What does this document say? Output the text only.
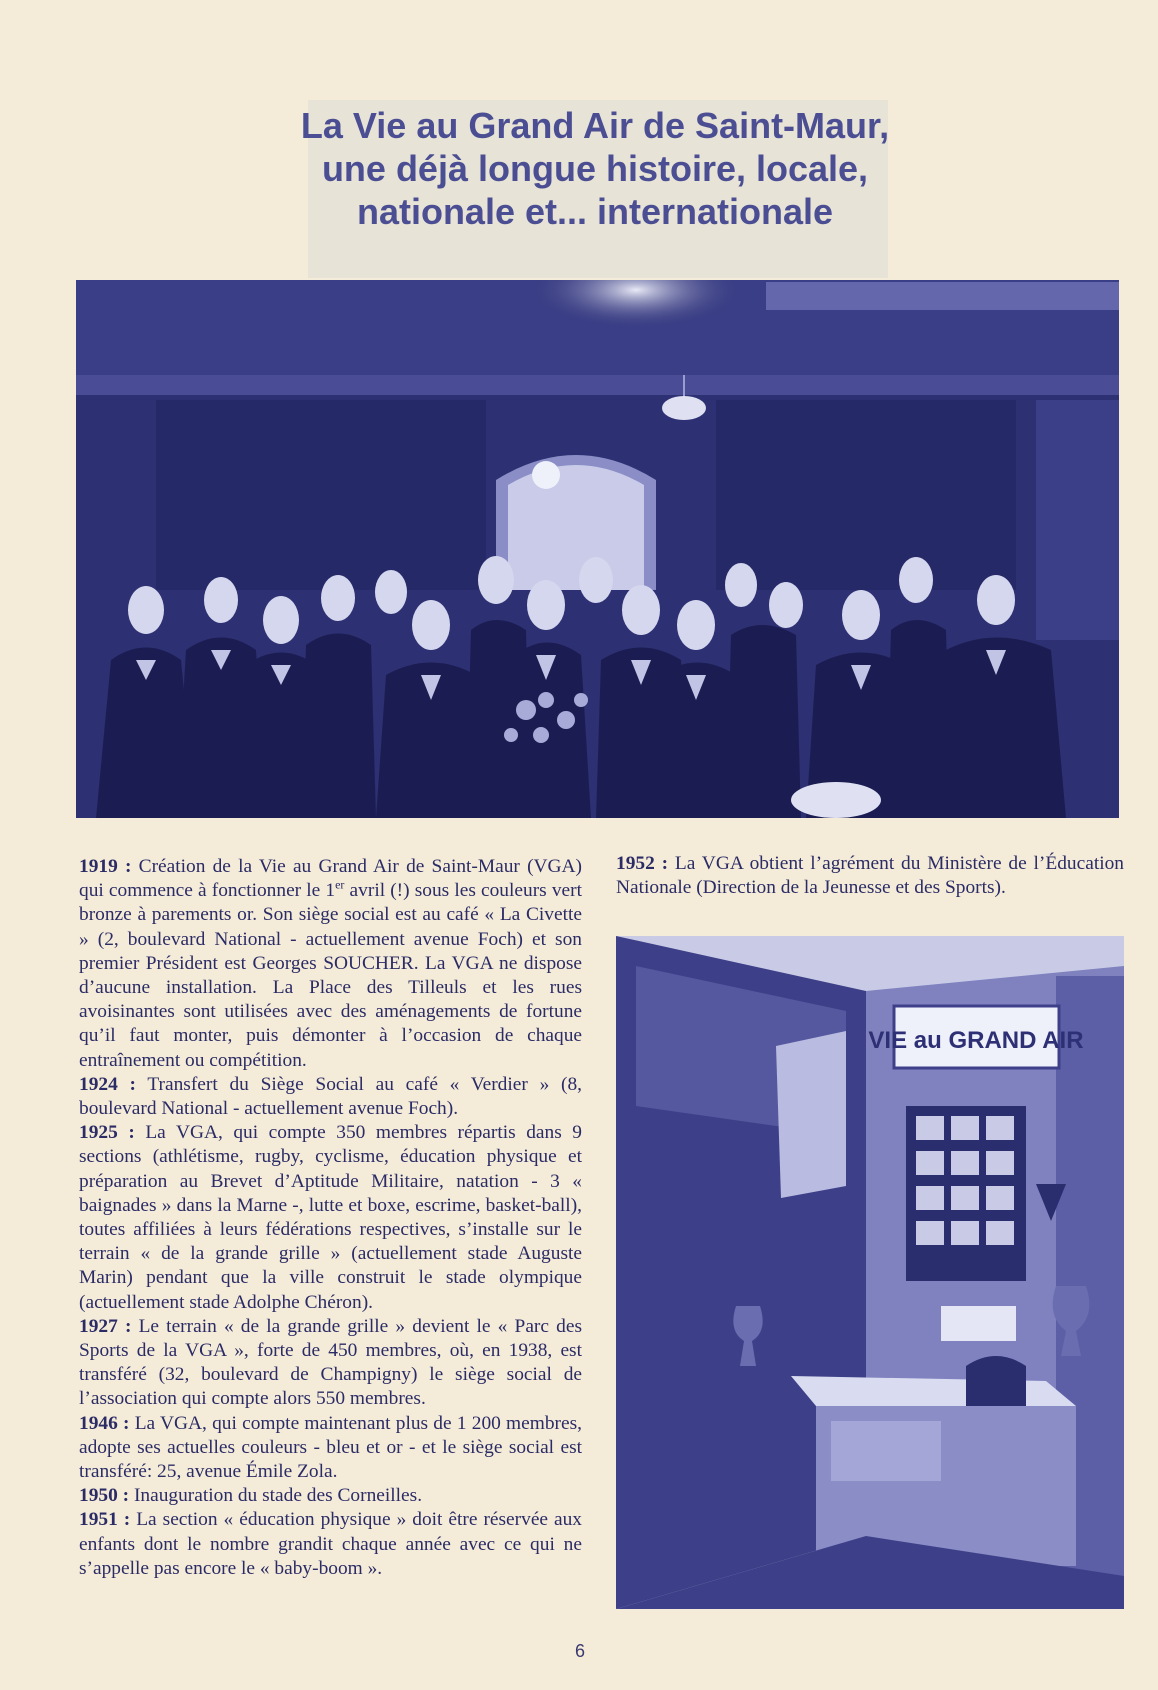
La Vie au Grand Air de Saint-Maur,
une déjà longue histoire, locale,
nationale et... internationale

1919 : Création de la Vie au Grand Air de Saint-Maur (VGA) qui commence à fonctionner le 1er avril (!) sous les couleurs vert bronze à parements or. Son siège social est au café « La Civette » (2, boulevard National - actuellement avenue Foch) et son premier Président est Georges SOUCHER. La VGA ne dispose d’aucune installation. La Place des Tilleuls et les rues avoisinantes sont utilisées avec des aménagements de fortune qu’il faut monter, puis démonter à l’occasion de chaque entraînement ou compétition.

1924 : Transfert du Siège Social au café « Verdier » (8, boulevard National - actuellement avenue Foch).

1925 : La VGA, qui compte 350 membres répartis dans 9 sections (athlétisme, rugby, cyclisme, éducation physique et préparation au Brevet d’Aptitude Militaire, natation - 3 « baignades » dans la Marne -, lutte et boxe, escrime, basket-ball), toutes affiliées à leurs fédérations respectives, s’installe sur le terrain « de la grande grille » (actuellement stade Auguste Marin) pendant que la ville construit le stade olympique (actuellement stade Adolphe Chéron).

1927 : Le terrain « de la grande grille » devient le « Parc des Sports de la VGA », forte de 450 membres, où, en 1938, est transféré (32, boulevard de Champigny) le siège social de l’association qui compte alors 550 membres.

1946 : La VGA, qui compte maintenant plus de 1 200 membres, adopte ses actuelles couleurs - bleu et or - et le siège social est transféré: 25, avenue Émile Zola.

1950 : Inauguration du stade des Corneilles.

1951 : La section « éducation physique » doit être réservée aux enfants dont le nombre grandit chaque année avec ce qui ne s’appelle pas encore le « baby-boom ».

1952 : La VGA obtient l’agrément du Ministère de l’Éducation Nationale (Direction de la Jeunesse et des Sports).

VIE au GRAND AIR
6
